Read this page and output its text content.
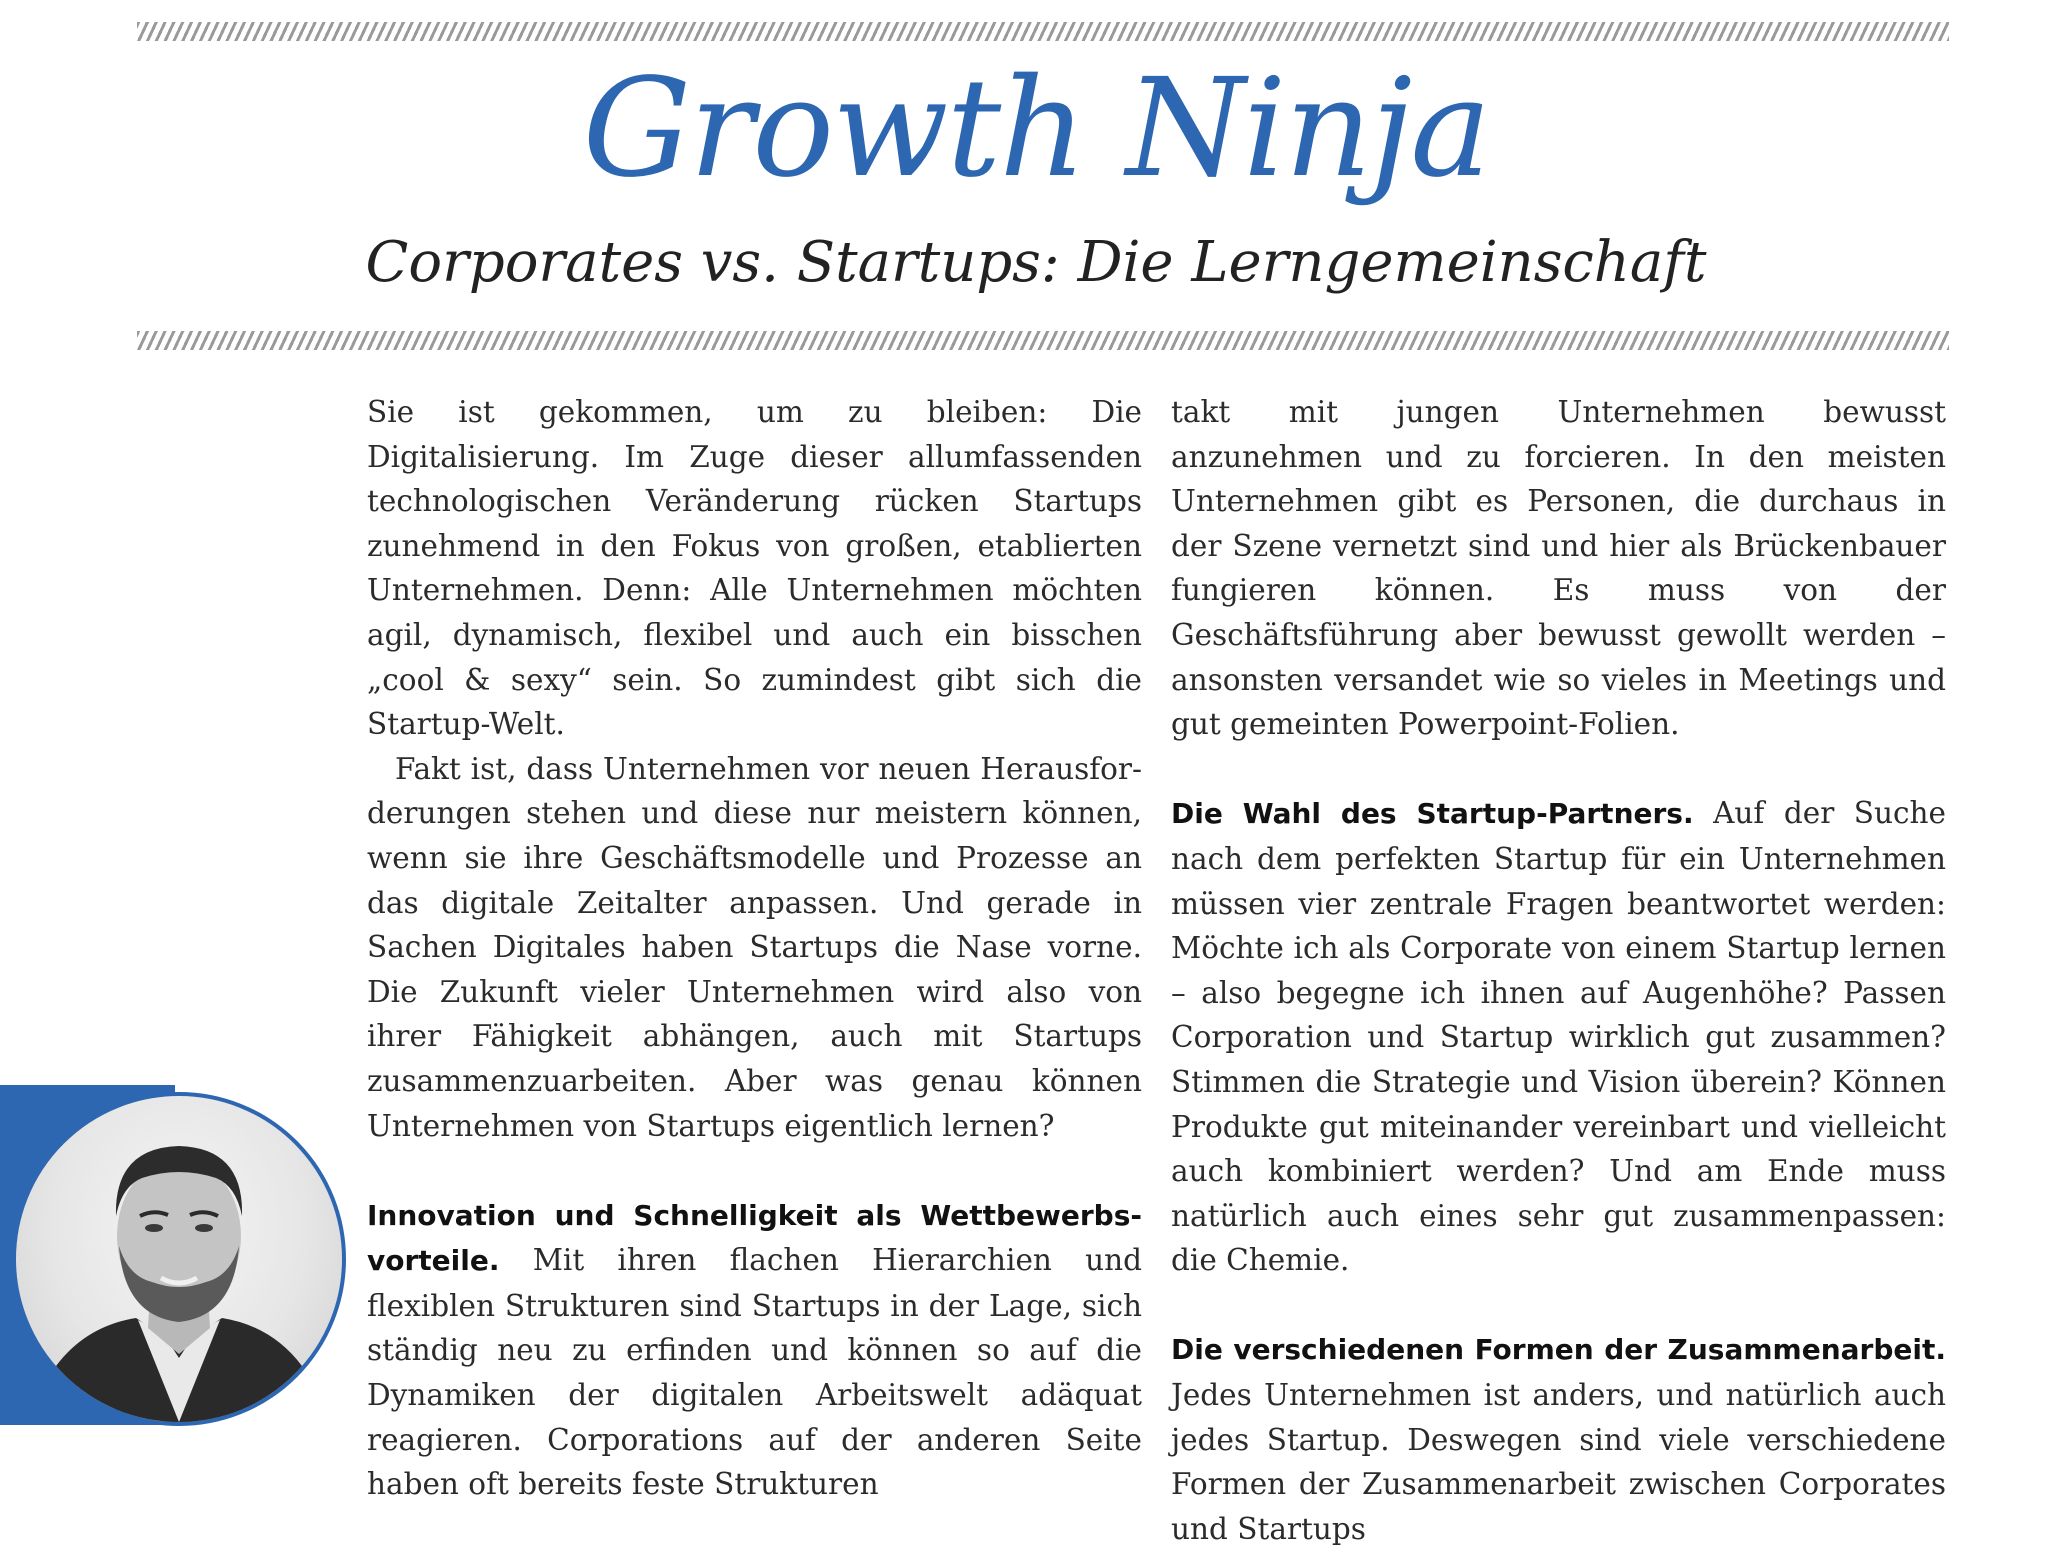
Growth Ninja
Corporates vs. Startups: Die Lerngemeinschaft

Sie ist gekommen, um zu bleiben: Die Digitalisierung. Im Zuge dieser allumfassenden technologischen Veränderung rücken Startups zunehmend in den Fokus von großen, etablierten Unternehmen. Denn: Alle Unternehmen möchten agil, dynamisch, flexibel und auch ein bisschen „cool & sexy“ sein. So zumindest gibt sich die Startup-Welt.

Fakt ist, dass Unternehmen vor neuen Herausforderungen stehen und diese nur meistern können, wenn sie ihre Geschäftsmodelle und Prozesse an das digitale Zeitalter anpassen. Und gerade in Sachen Digitales haben Startups die Nase vorne. Die Zukunft vieler Unternehmen wird also von ihrer Fähigkeit abhängen, auch mit Startups zusammenzuarbeiten. Aber was genau können Unternehmen von Startups eigentlich lernen?

Innovation und Schnelligkeit als Wettbewerbsvorteile. Mit ihren flachen Hierarchien und flexiblen Strukturen sind Startups in der Lage, sich ständig neu zu erfinden und können so auf die Dynamiken der digitalen Arbeitswelt adäquat reagieren. Corporations auf der anderen Seite haben oft bereits feste Strukturen

takt mit jungen Unternehmen bewusst anzunehmen und zu forcieren. In den meisten Unternehmen gibt es Personen, die durchaus in der Szene vernetzt sind und hier als Brückenbauer fungieren können. Es muss von der Geschäftsführung aber bewusst gewollt werden – ansonsten versandet wie so vieles in Meetings und gut gemeinten Powerpoint-Folien.

Die Wahl des Startup-Partners. Auf der Suche nach dem perfekten Startup für ein Unternehmen müssen vier zentrale Fragen beantwortet werden: Möchte ich als Corporate von einem Startup lernen – also begegne ich ihnen auf Augenhöhe? Passen Corporation und Startup wirklich gut zusammen? Stimmen die Strategie und Vision überein? Können Produkte gut miteinander vereinbart und vielleicht auch kombiniert werden? Und am Ende muss natürlich auch eines sehr gut zusammenpassen: die Chemie.

Die verschiedenen Formen der Zusammenarbeit. Jedes Unternehmen ist anders, und natürlich auch jedes Startup. Deswegen sind viele verschiedene Formen der Zusammenarbeit zwischen Corporates und Startups
